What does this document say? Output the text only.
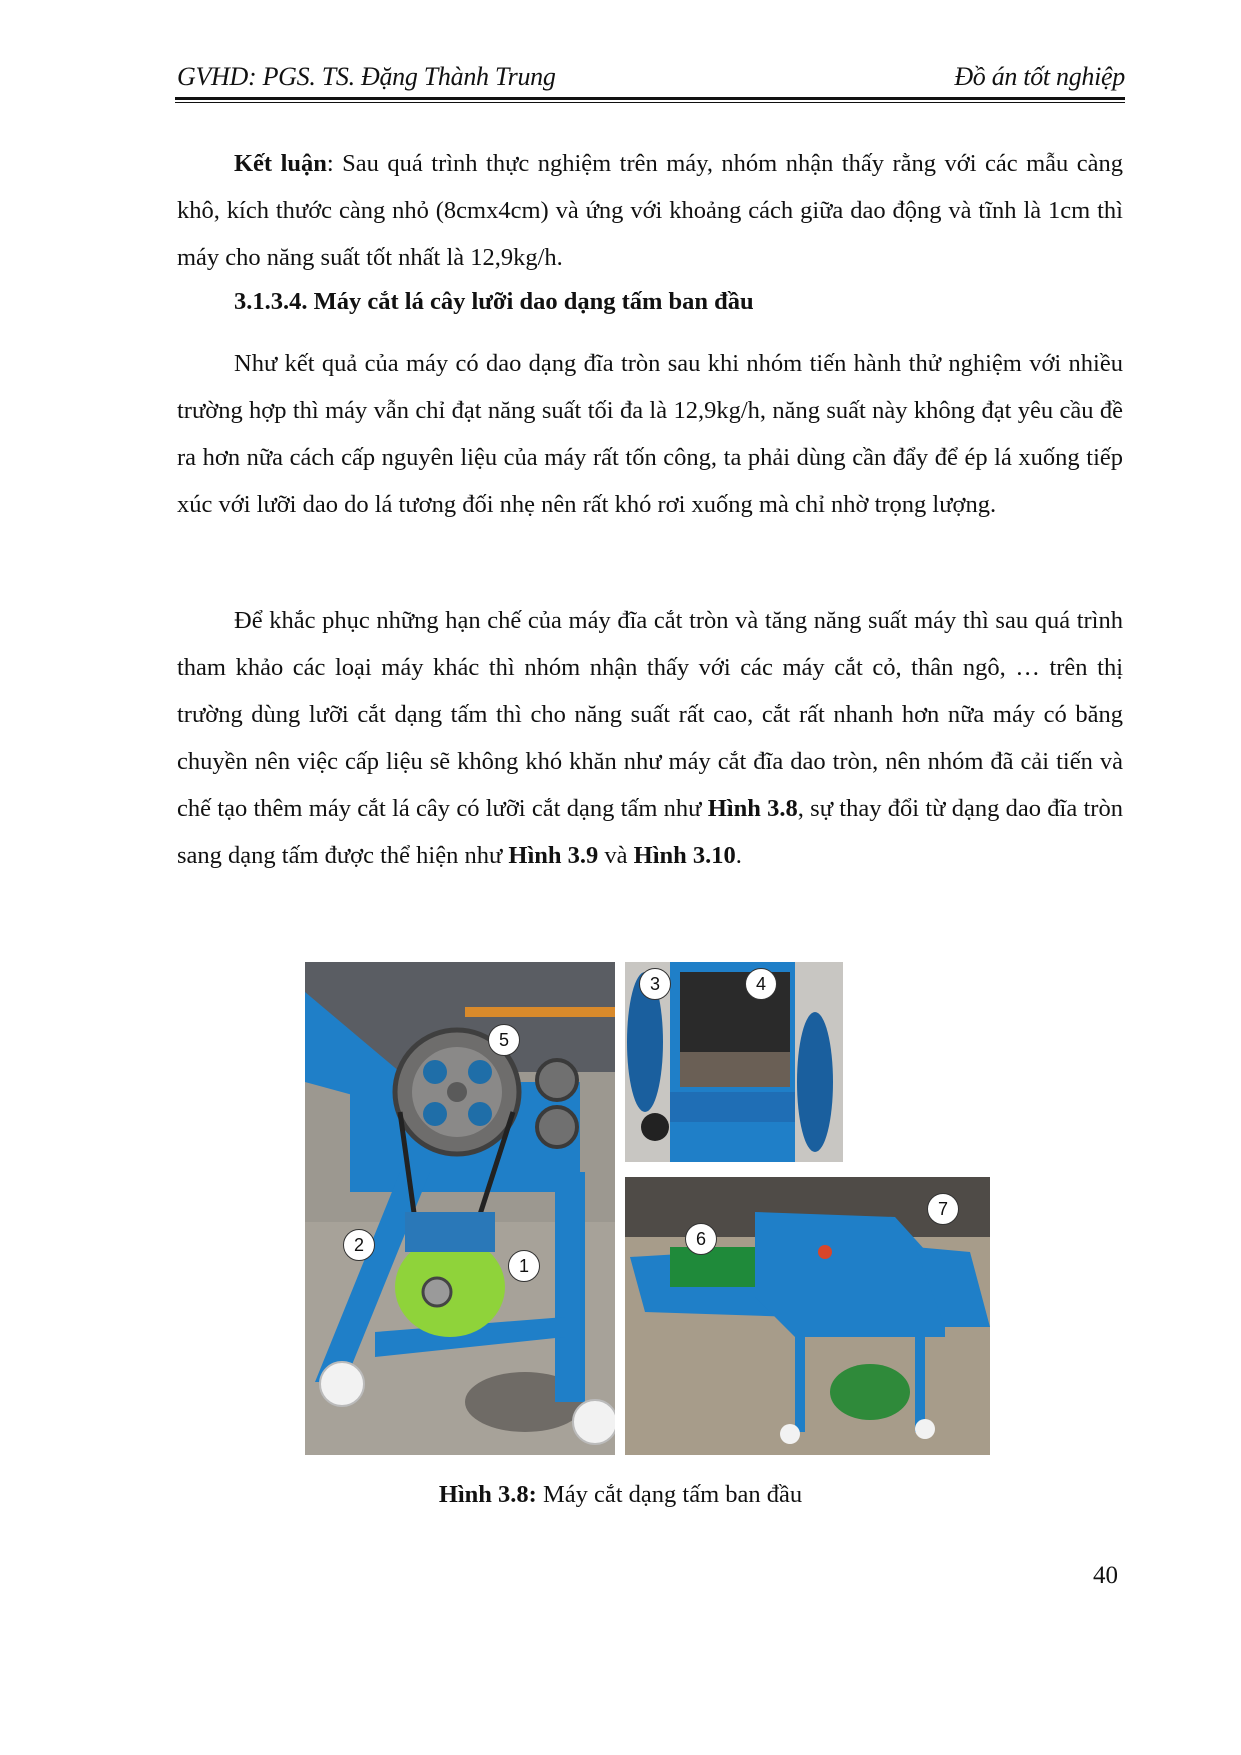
GVHD: PGS. TS. Đặng Thành Trung	Đồ án tốt nghiệp
Kết luận: Sau quá trình thực nghiệm trên máy, nhóm nhận thấy rằng với các mẫu càng khô, kích thước càng nhỏ (8cmx4cm) và ứng với khoảng cách giữa dao động và tĩnh là 1cm thì máy cho năng suất tốt nhất là 12,9kg/h.
3.1.3.4. Máy cắt lá cây lưỡi dao dạng tấm ban đầu
Như kết quả của máy có dao dạng đĩa tròn sau khi nhóm tiến hành thử nghiệm với nhiều trường hợp thì máy vẫn chỉ đạt năng suất tối đa là 12,9kg/h, năng suất này không đạt yêu cầu đề ra hơn nữa cách cấp nguyên liệu của máy rất tốn công, ta phải dùng cần đẩy để ép lá xuống tiếp xúc với lưỡi dao do lá tương đối nhẹ nên rất khó rơi xuống mà chỉ nhờ trọng lượng.
Để khắc phục những hạn chế của máy đĩa cắt tròn và tăng năng suất máy thì sau quá trình tham khảo các loại máy khác thì nhóm nhận thấy với các máy cắt cỏ, thân ngô, … trên thị trường dùng lưỡi cắt dạng tấm thì cho năng suất rất cao, cắt rất nhanh hơn nữa máy có băng chuyền nên việc cấp liệu sẽ không khó khăn như máy cắt đĩa dao tròn, nên nhóm đã cải tiến và chế tạo thêm máy cắt lá cây có lưỡi cắt dạng tấm như Hình 3.8, sự thay đổi từ dạng dao đĩa tròn sang dạng tấm được thể hiện như Hình 3.9 và Hình 3.10.
5
2
1
3	4
6
7
Hình 3.8: Máy cắt dạng tấm ban đầu
40
